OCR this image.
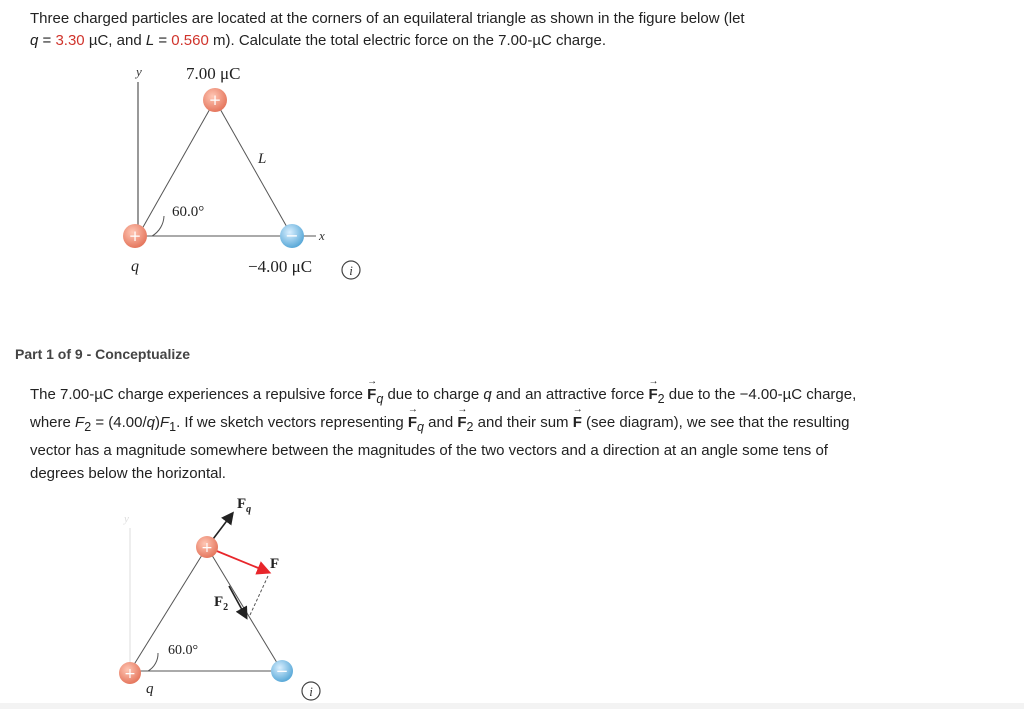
Three charged particles are located at the corners of an equilateral triangle as shown in the figure below (let
q = 3.30 µC, and L = 0.560 m). Calculate the total electric force on the 7.00-µC charge.
y	7.00 μC
x
L
60.0°
+
+	−
q	−4.00 μC	i
Part 1 of 9 - Conceptualize
The 7.00-µC charge experiences a repulsive force $F \to_q$ due to charge q and an attractive force $F \to_2$ due to the −4.00-µC charge, where $F_2 = (4.00/q)F_1$. If we sketch vectors representing $F \to_q$ and $F \to_2$ and their sum F → (see diagram), we see that the resulting vector has a magnitude somewhere between the magnitudes of the two vectors and a direction at an angle some tens of degrees below the horizontal.
y
$F_q$
F
$F_2$
60.0°
+
+	−
q	i
